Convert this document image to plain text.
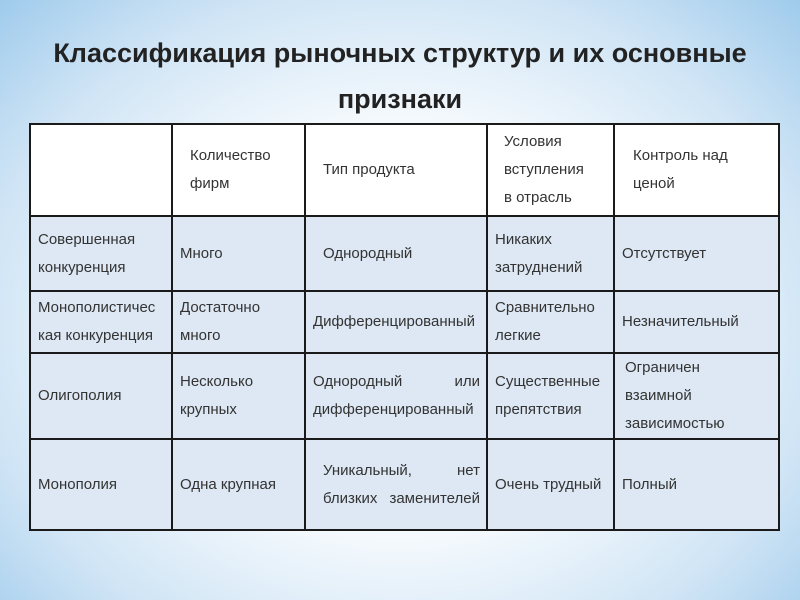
Классификация рыночных структур и их основные
признаки
	Количество фирм	Тип продукта	Условия вступления в отрасль	Контроль над ценой
Совершенная конкуренция	Много	Однородный	Никаких затруднений	Отсутствует
Монополистическая конкуренция	Достаточно много	Дифференцированный	Сравнительно легкие	Незначительный
Олигополия	Несколько крупных	Однородный или дифференцированный	Существенные препятствия	Ограничен взаимной зависимостью
Монополия	Одна крупная	Уникальный, нет близких заменителей	Очень трудный	Полный
